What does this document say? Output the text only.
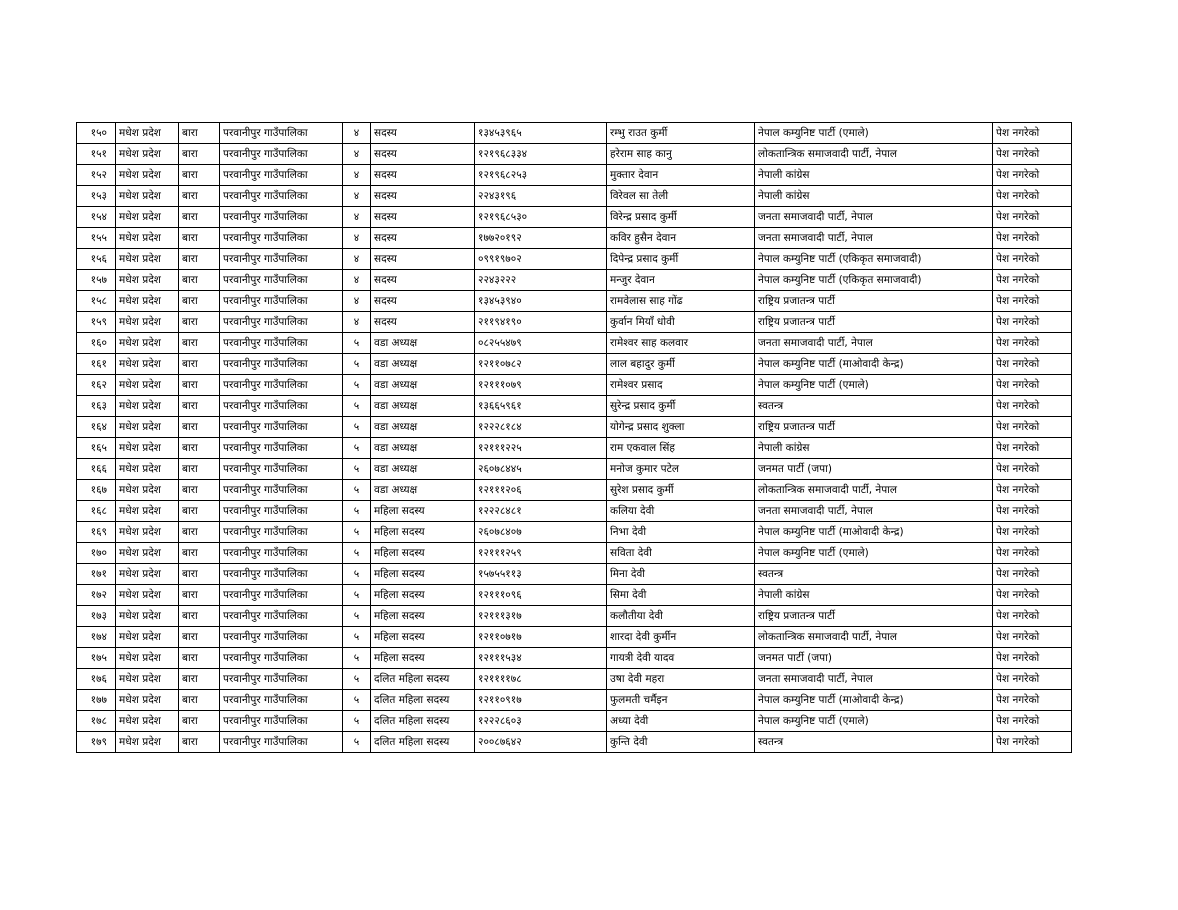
१५०	मधेश प्रदेश	बारा	परवानीपुर गाउँपालिका	४	सदस्य	१३४५३९६५	रम्भु राउत कुर्मी	नेपाल कम्युनिष्ट पार्टी (एमाले)	पेश नगरेको
१५१	मधेश प्रदेश	बारा	परवानीपुर गाउँपालिका	४	सदस्य	१२१९६८३३४	हरेराम साह कानु	लोकतान्त्रिक समाजवादी पार्टी, नेपाल	पेश नगरेको
१५२	मधेश प्रदेश	बारा	परवानीपुर गाउँपालिका	४	सदस्य	१२१९६८२५३	मुक्तार देवान	नेपाली कांग्रेस	पेश नगरेको
१५३	मधेश प्रदेश	बारा	परवानीपुर गाउँपालिका	४	सदस्य	२२४३१९६	विरेवल सा तेली	नेपाली कांग्रेस	पेश नगरेको
१५४	मधेश प्रदेश	बारा	परवानीपुर गाउँपालिका	४	सदस्य	१२१९६८५३०	विरेन्द्र प्रसाद कुर्मी	जनता समाजवादी पार्टी, नेपाल	पेश नगरेको
१५५	मधेश प्रदेश	बारा	परवानीपुर गाउँपालिका	४	सदस्य	१७७२०१९२	कविर हुसैन देवान	जनता समाजवादी पार्टी, नेपाल	पेश नगरेको
१५६	मधेश प्रदेश	बारा	परवानीपुर गाउँपालिका	४	सदस्य	०९९१९७०२	दिपेन्द्र प्रसाद कुर्मी	नेपाल कम्युनिष्ट पार्टी (एकिकृत समाजवादी)	पेश नगरेको
१५७	मधेश प्रदेश	बारा	परवानीपुर गाउँपालिका	४	सदस्य	२२४३२२२	मन्जुर देवान	नेपाल कम्युनिष्ट पार्टी (एकिकृत समाजवादी)	पेश नगरेको
१५८	मधेश प्रदेश	बारा	परवानीपुर गाउँपालिका	४	सदस्य	१३४५३९४०	रामवेलास साह गोंढ	राष्ट्रिय प्रजातन्त्र पार्टी	पेश नगरेको
१५९	मधेश प्रदेश	बारा	परवानीपुर गाउँपालिका	४	सदस्य	२११९४१९०	कुर्वान मियाँ धोवी	राष्ट्रिय प्रजातन्त्र पार्टी	पेश नगरेको
१६०	मधेश प्रदेश	बारा	परवानीपुर गाउँपालिका	५	वडा अध्यक्ष	०८२५५४७९	रामेश्वर साह कलवार	जनता समाजवादी पार्टी, नेपाल	पेश नगरेको
१६१	मधेश प्रदेश	बारा	परवानीपुर गाउँपालिका	५	वडा अध्यक्ष	१२११०७८२	लाल बहादुर कुर्मी	नेपाल कम्युनिष्ट पार्टी (माओवादी केन्द्र)	पेश नगरेको
१६२	मधेश प्रदेश	बारा	परवानीपुर गाउँपालिका	५	वडा अध्यक्ष	१२१११०७९	रामेश्वर प्रसाद	नेपाल कम्युनिष्ट पार्टी (एमाले)	पेश नगरेको
१६३	मधेश प्रदेश	बारा	परवानीपुर गाउँपालिका	५	वडा अध्यक्ष	१३६६५९६१	सुरेन्द्र प्रसाद कुर्मी	स्वतन्त्र	पेश नगरेको
१६४	मधेश प्रदेश	बारा	परवानीपुर गाउँपालिका	५	वडा अध्यक्ष	१२२२८१८४	योगेन्द्र प्रसाद शुक्ला	राष्ट्रिय प्रजातन्त्र पार्टी	पेश नगरेको
१६५	मधेश प्रदेश	बारा	परवानीपुर गाउँपालिका	५	वडा अध्यक्ष	१२१११२२५	राम एकवाल सिंह	नेपाली कांग्रेस	पेश नगरेको
१६६	मधेश प्रदेश	बारा	परवानीपुर गाउँपालिका	५	वडा अध्यक्ष	२६०७८४४५	मनोज कुमार पटेल	जनमत पार्टी (जपा)	पेश नगरेको
१६७	मधेश प्रदेश	बारा	परवानीपुर गाउँपालिका	५	वडा अध्यक्ष	१२१११२०६	सुरेश प्रसाद कुर्मी	लोकतान्त्रिक समाजवादी पार्टी, नेपाल	पेश नगरेको
१६८	मधेश प्रदेश	बारा	परवानीपुर गाउँपालिका	५	महिला सदस्य	१२२२८४८१	कलिया देवी	जनता समाजवादी पार्टी, नेपाल	पेश नगरेको
१६९	मधेश प्रदेश	बारा	परवानीपुर गाउँपालिका	५	महिला सदस्य	२६०७८४०७	निभा देवी	नेपाल कम्युनिष्ट पार्टी (माओवादी केन्द्र)	पेश नगरेको
१७०	मधेश प्रदेश	बारा	परवानीपुर गाउँपालिका	५	महिला सदस्य	१२१११२५९	सविता देवी	नेपाल कम्युनिष्ट पार्टी (एमाले)	पेश नगरेको
१७१	मधेश प्रदेश	बारा	परवानीपुर गाउँपालिका	५	महिला सदस्य	१५७५५११३	मिना देवी	स्वतन्त्र	पेश नगरेको
१७२	मधेश प्रदेश	बारा	परवानीपुर गाउँपालिका	५	महिला सदस्य	१२१११०९६	सिमा देवी	नेपाली कांग्रेस	पेश नगरेको
१७३	मधेश प्रदेश	बारा	परवानीपुर गाउँपालिका	५	महिला सदस्य	१२१११३१७	कलौतीया देवी	राष्ट्रिय प्रजातन्त्र पार्टी	पेश नगरेको
१७४	मधेश प्रदेश	बारा	परवानीपुर गाउँपालिका	५	महिला सदस्य	१२११०७१७	शारदा देवी कुर्मीन	लोकतान्त्रिक समाजवादी पार्टी, नेपाल	पेश नगरेको
१७५	मधेश प्रदेश	बारा	परवानीपुर गाउँपालिका	५	महिला सदस्य	१२१११५३४	गायत्री देवी यादव	जनमत पार्टी (जपा)	पेश नगरेको
१७६	मधेश प्रदेश	बारा	परवानीपुर गाउँपालिका	५	दलित महिला सदस्य	१२११११७८	उषा देवी महरा	जनता समाजवादी पार्टी, नेपाल	पेश नगरेको
१७७	मधेश प्रदेश	बारा	परवानीपुर गाउँपालिका	५	दलित महिला सदस्य	१२११०९१७	फुलमती चर्मैइन	नेपाल कम्युनिष्ट पार्टी (माओवादी केन्द्र)	पेश नगरेको
१७८	मधेश प्रदेश	बारा	परवानीपुर गाउँपालिका	५	दलित महिला सदस्य	१२२२८६०३	अध्या देवी	नेपाल कम्युनिष्ट पार्टी (एमाले)	पेश नगरेको
१७९	मधेश प्रदेश	बारा	परवानीपुर गाउँपालिका	५	दलित महिला सदस्य	२००८७६४२	कुन्ति देवी	स्वतन्त्र	पेश नगरेको
